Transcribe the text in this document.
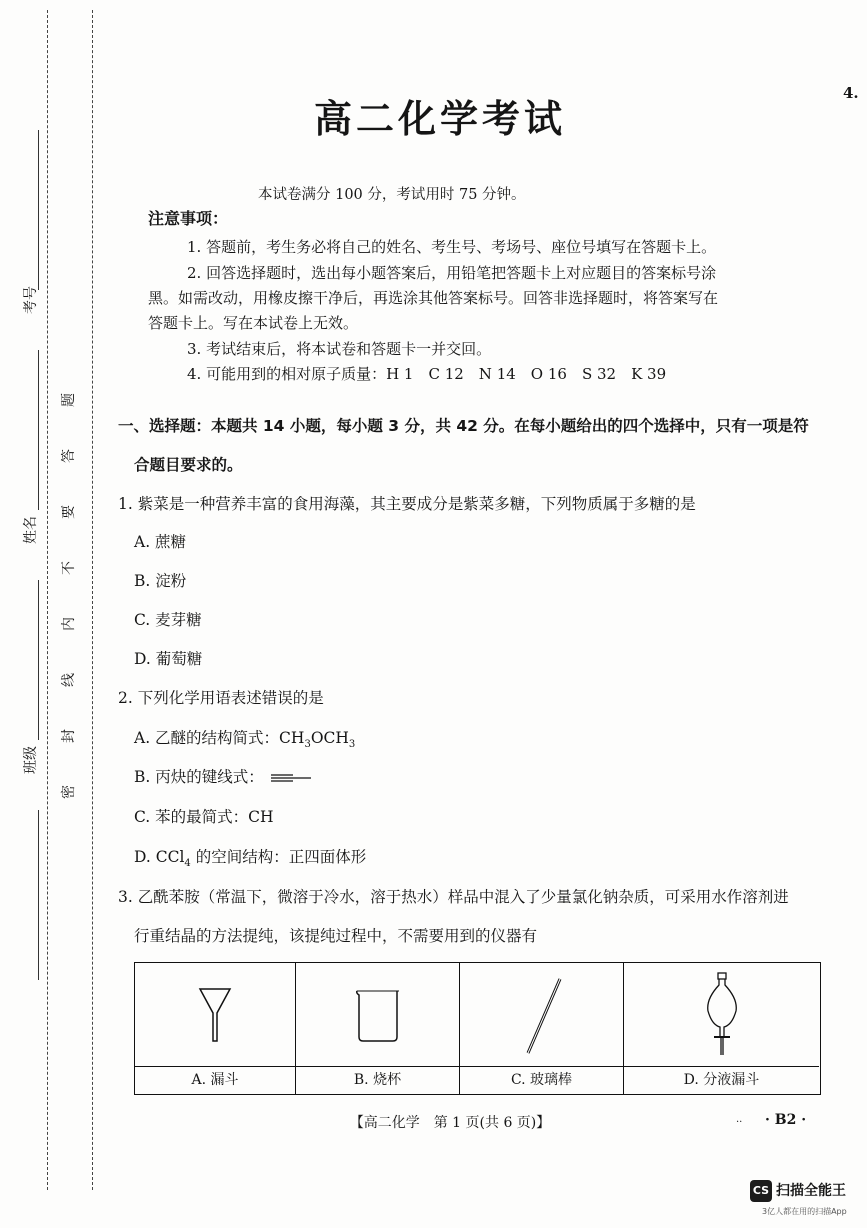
考号
姓名
班级
题
答
要
不
内
线
封
密
高二化学考试
4.
本试卷满分 100 分，考试用时 75 分钟。
注意事项：
1. 答题前，考生务必将自己的姓名、考生号、考场号、座位号填写在答题卡上。
2. 回答选择题时，选出每小题答案后，用铅笔把答题卡上对应题目的答案标号涂
黑。如需改动，用橡皮擦干净后，再选涂其他答案标号。回答非选择题时，将答案写在
答题卡上。写在本试卷上无效。
3. 考试结束后，将本试卷和答题卡一并交回。
4. 可能用到的相对原子质量：H 1　C 12　N 14　O 16　S 32　K 39
一、选择题：本题共 14 小题，每小题 3 分，共 42 分。在每小题给出的四个选择中，只有一项是符
合题目要求的。
1. 紫菜是一种营养丰富的食用海藻，其主要成分是紫菜多糖，下列物质属于多糖的是
A. 蔗糖
B. 淀粉
C. 麦芽糖
D. 葡萄糖
2. 下列化学用语表述错误的是
A. 乙醚的结构简式：$CH_3OCH_3$
B. 丙炔的键线式：
C. 苯的最简式：CH
D. CCl$_4$ 的空间结构：正四面体形
3. 乙酰苯胺（常温下，微溶于冷水，溶于热水）样品中混入了少量氯化钠杂质，可采用水作溶剂进
行重结晶的方法提纯，该提纯过程中，不需要用到的仪器有
A. 漏斗	B. 烧杯	C. 玻璃棒	D. 分液漏斗
【高二化学　第 1 页(共 6 页)】	.. · B2 ·
CS 扫描全能王
3亿人都在用的扫描App
